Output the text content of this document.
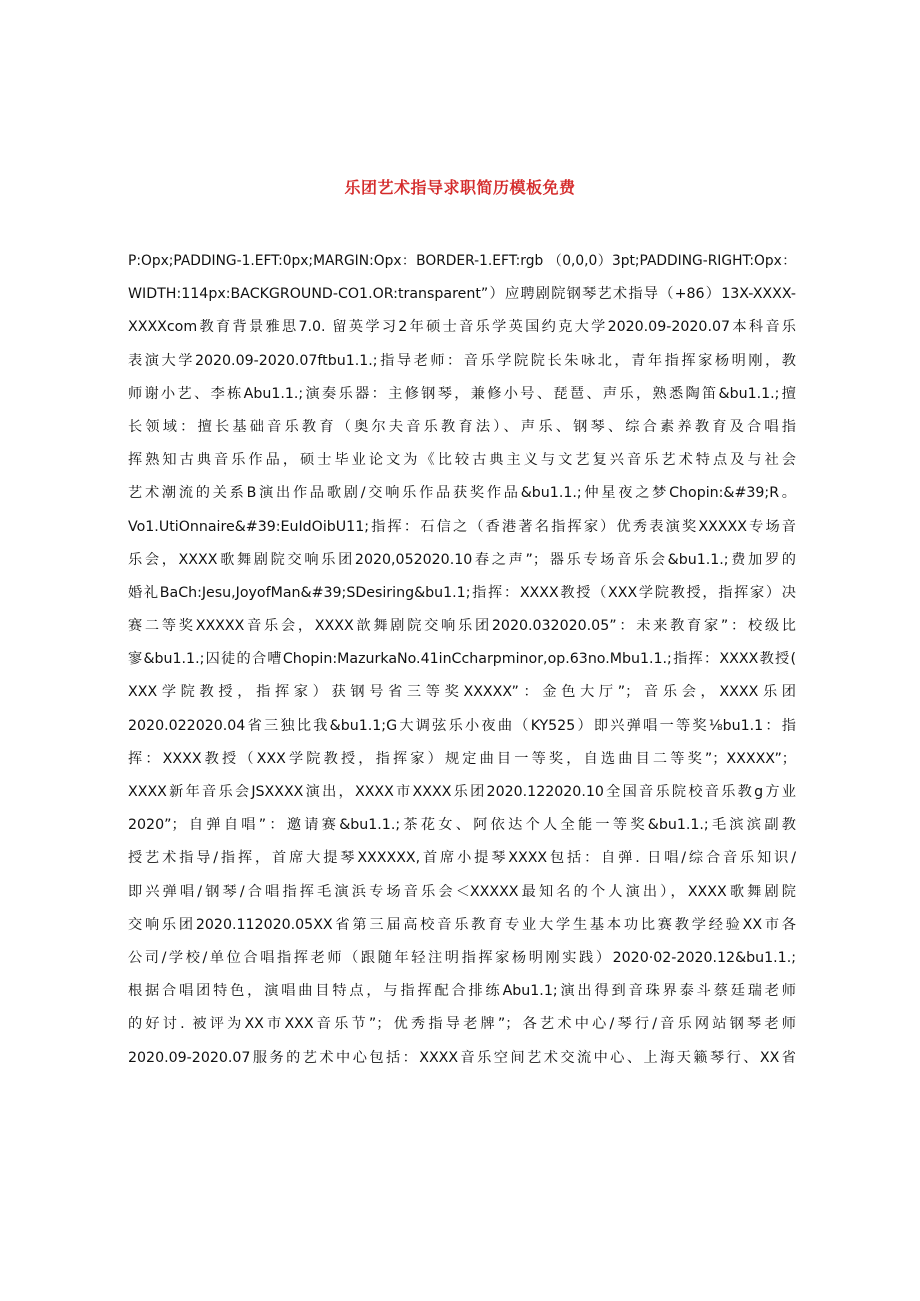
乐团艺术指导求职简历模板免费
P:Opx;PADDING-1.EFT:0px;MARGIN:Opx：BORDER-1.EFT:rgb （0,0,0）3pt;PADDING-RIGHT:Opx：
WIDTH:114px:BACKGROUND-CO1.OR:transparent”）应聘剧院钢琴艺术指导（+86）13X-XXXX-
XXXXcom教育背景雅思7.0. 留英学习2年硕士音乐学英国约克大学2020.09-2020.07本科音乐
表演大学2020.09-2020.07ftbu1.1.;指导老师：音乐学院院长朱咏北，青年指挥家杨明刚，教
师谢小艺、李栋Abu1.1.;演奏乐器：主修钢琴，兼修小号、琵琶、声乐，熟悉陶笛&bu1.1.;擅
长领域：擅长基础音乐教育（奥尔夫音乐教育法）、声乐、钢琴、综合素养教育及合唱指
挥熟知古典音乐作品，硕士毕业论文为《比较古典主义与文艺复兴音乐艺术特点及与社会
艺术潮流的关系B演出作品歌剧/交响乐作品获奖作品&bu1.1.;仲星夜之梦Chopin:&#39;R。
Vo1.UtiOnnaire&#39:EuIdOibU11;指挥：石信之（香港著名指挥家）优秀表演奖XXXXX专场音
乐会，XXXX歌舞剧院交响乐团2020,052020.10春之声”；器乐专场音乐会&bu1.1.;费加罗的
婚礼BaCh:Jesu,JoyofMan&#39;SDesiring&bu1.1;指挥：XXXX教授（XXX学院教授，指挥家）决
赛二等奖XXXXX音乐会，XXXX歆舞剧院交响乐团2020.032020.05”：未来教育家”：校级比
寥&bu1.1.;囚徒的合嘈Chopin:MazurkaNo.41inCcharpminor,op.63no.Mbu1.1.;指挥：XXXX教授(
XXX学院教授，指挥家）获钢号省三等奖XXXXX”：金色大厅”；音乐会，XXXX乐团
2020.022020.04省三独比我&bu1.1;G大调弦乐小夜曲（KY525）即兴弹唱一等奖⅛bu1.1：指
挥：XXXX教授（XXX学院教授，指挥家）规定曲目一等奖，自选曲目二等奖”；XXXXX”；
XXXX新年音乐会JSXXXX演出，XXXX市XXXX乐团2020.122020.10全国音乐院校音乐教g方业
2020”；自弹自唱”：邀请赛&bu1.1.;茶花女、阿依达个人全能一等奖&bu1.1.;毛滨滨副教
授艺术指导/指挥，首席大提琴XXXXXX,首席小提琴XXXX包括：自弹. 日唱/综合音乐知识/
即兴弹唱/钢琴/合唱指挥毛演浜专场音乐会＜XXXXX最知名的个人演出），XXXX歌舞剧院
交响乐团2020.112020.05XX省第三届高校音乐教育专业大学生基本功比赛教学经验XX市各
公司/学校/单位合唱指挥老师（跟随年轻注明指挥家杨明刚实践）2020·02-2020.12&bu1.1.;
根据合唱团特色，演唱曲目特点，与指挥配合排练Abu1.1;演出得到音珠界泰斗蔡廷瑞老师
的好讨. 被评为XX市XXX音乐节”；优秀指导老牌”；各艺术中心/琴行/音乐网站钢琴老师
2020.09-2020.07服务的艺术中心包括：XXXX音乐空间艺术交流中心、上海天籁琴行、XX省
